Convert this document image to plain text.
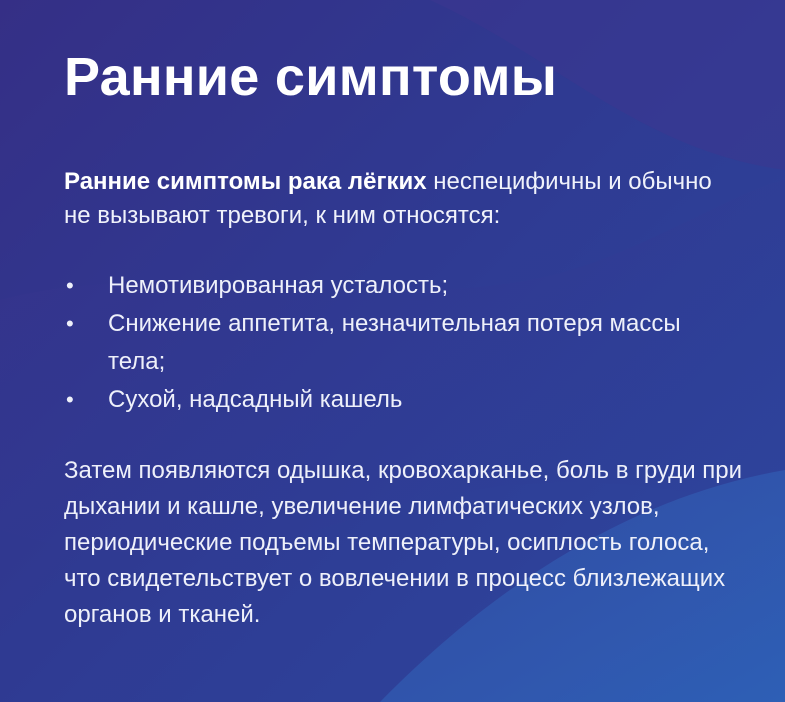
Ранние симптомы

Ранние симптомы рака лёгких неспецифичны и обычно не вызывают тревоги, к ним относятся:

•	Немотивированная усталость;
•	Снижение аппетита, незначительная потеря массы тела;
•	Сухой, надсадный кашель

Затем появляются одышка, кровохарканье, боль в груди при дыхании и кашле, увеличение лимфатических узлов, периодические подъемы температуры, осиплость голоса, что свидетельствует о вовлечении в процесс близлежащих органов и тканей.
